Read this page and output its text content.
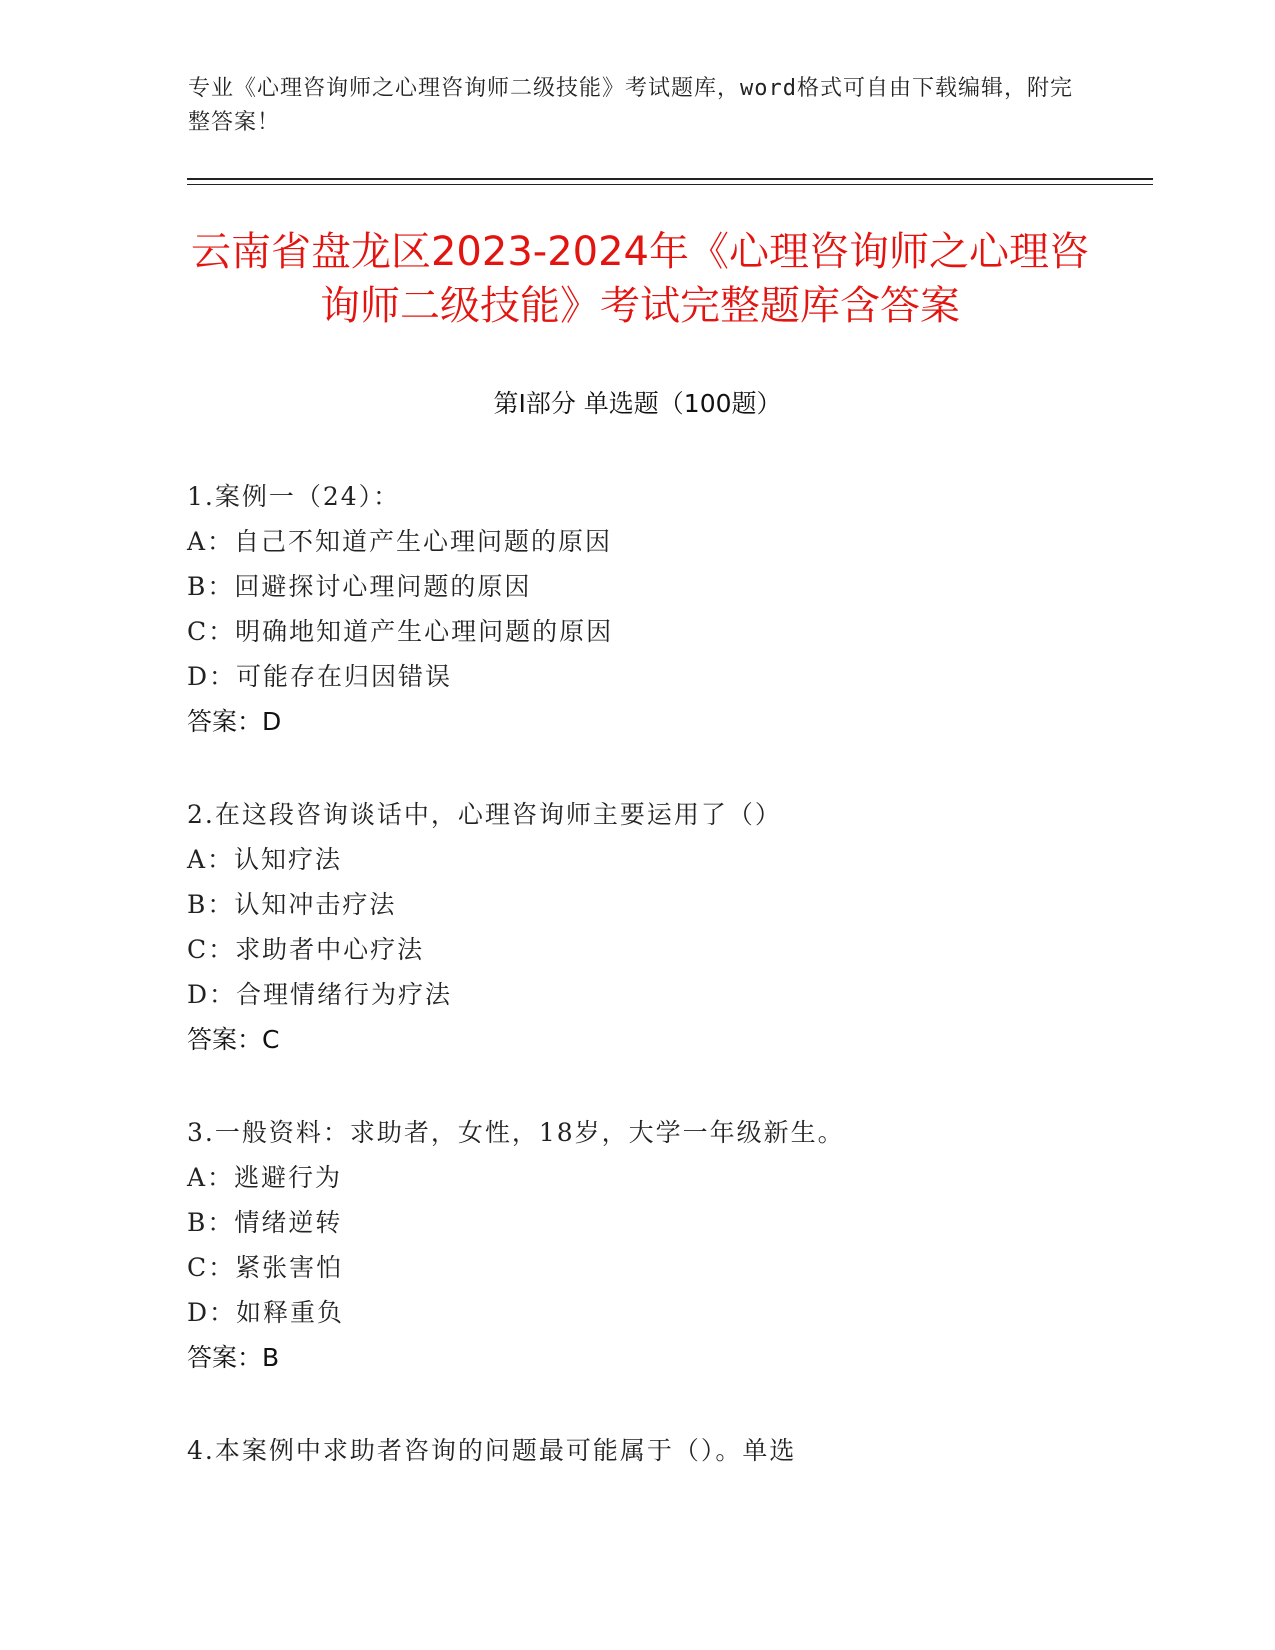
专业《心理咨询师之心理咨询师二级技能》考试题库，word格式可自由下载编辑，附完整答案！
云南省盘龙区2023-2024年《心理咨询师之心理咨询师二级技能》考试完整题库含答案
第Ⅰ部分 单选题（100题）
1.案例一（24）：
A：自己不知道产生心理问题的原因
B：回避探讨心理问题的原因
C：明确地知道产生心理问题的原因
D：可能存在归因错误
答案：D
2.在这段咨询谈话中，心理咨询师主要运用了（）
A：认知疗法
B：认知冲击疗法
C：求助者中心疗法
D：合理情绪行为疗法
答案：C
3.一般资料：求助者，女性，18岁，大学一年级新生。
A：逃避行为
B：情绪逆转
C：紧张害怕
D：如释重负
答案：B
4.本案例中求助者咨询的问题最可能属于（）。单选
